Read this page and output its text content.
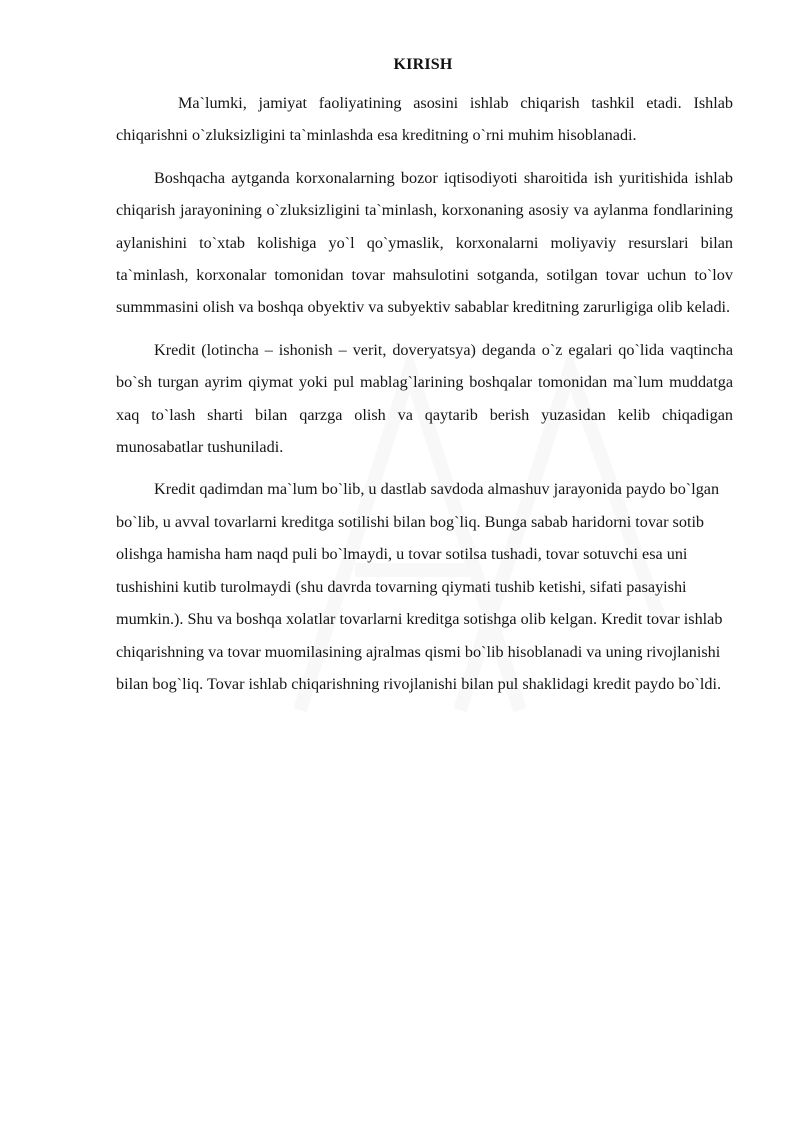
KIRISH

Ma`lumki, jamiyat faoliyatining asosini ishlab chiqarish tashkil etadi. Ishlab chiqarishni o`zluksizligini ta`minlashda esa kreditning o`rni muhim hisoblanadi.

Boshqacha aytganda korxonalarning bozor iqtisodiyoti sharoitida ish yuritishida ishlab chiqarish jarayonining o`zluksizligini ta`minlash, korxonaning asosiy va aylanma fondlarining aylanishini to`xtab kolishiga yo`l qo`ymaslik, korxonalarni moliyaviy resurslari bilan ta`minlash, korxonalar tomonidan tovar mahsulotini sotganda, sotilgan tovar uchun to`lov summmasini olish va boshqa obyektiv va subyektiv sabablar kreditning zarurligiga olib keladi.

Kredit (lotincha – ishonish – verit, doveryatsya) deganda o`z egalari qo`lida vaqtincha bo`sh turgan ayrim qiymat yoki pul mablag`larining boshqalar tomonidan ma`lum muddatga xaq to`lash sharti bilan qarzga olish va qaytarib berish yuzasidan kelib chiqadigan munosabatlar tushuniladi.

Kredit qadimdan ma`lum bo`lib, u dastlab savdoda almashuv jarayonida paydo bo`lgan bo`lib, u avval tovarlarni kreditga sotilishi bilan bog`liq. Bunga sabab haridorni tovar sotib olishga hamisha ham naqd puli bo`lmaydi, u tovar sotilsa tushadi, tovar sotuvchi esa uni tushishini kutib turolmaydi (shu davrda tovarning qiymati tushib ketishi, sifati pasayishi mumkin.). Shu va boshqa xolatlar tovarlarni kreditga sotishga olib kelgan. Kredit tovar ishlab chiqarishning va tovar muomilasining ajralmas qismi bo`lib hisoblanadi va uning rivojlanishi bilan bog`liq. Tovar ishlab chiqarishning rivojlanishi bilan pul shaklidagi kredit paydo bo`ldi.
